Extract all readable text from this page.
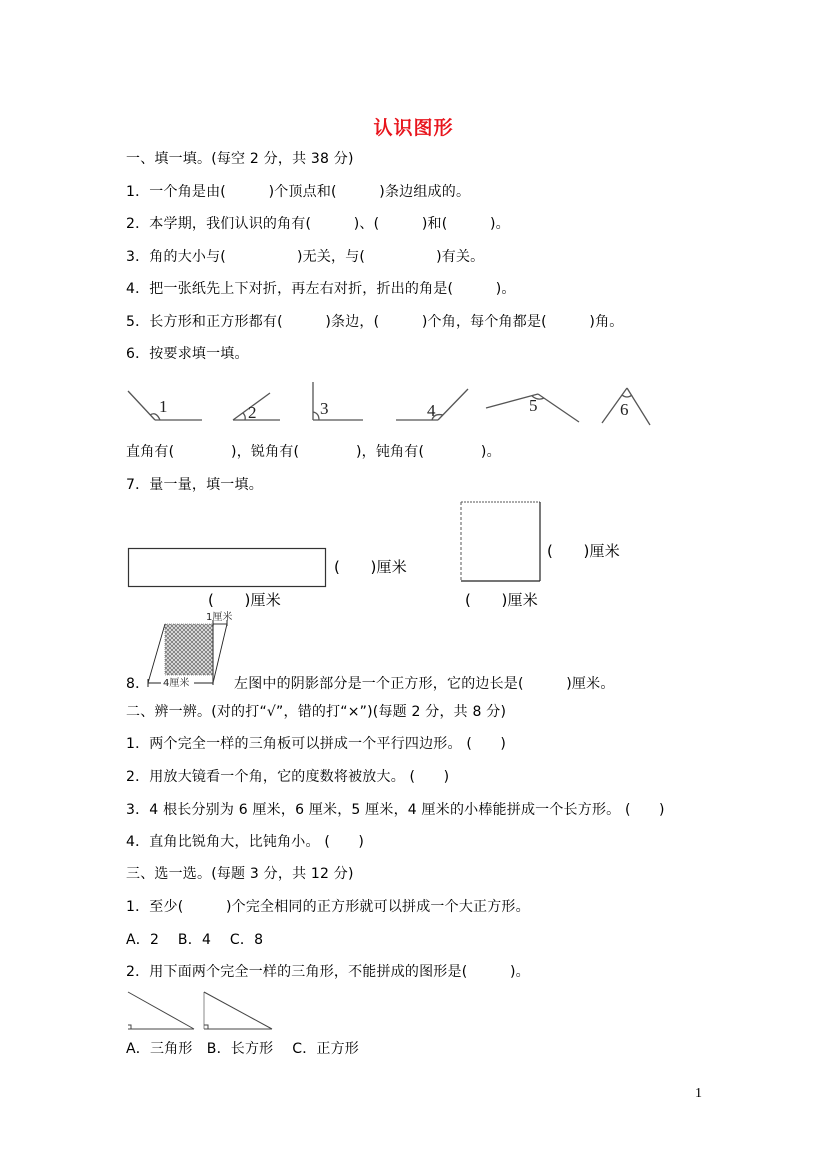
认识图形
一、填一填。(每空 2 分，共 38 分)
1．一个角是由(　　　)个顶点和(　　　)条边组成的。
2．本学期，我们认识的角有(　　　)、(　　　)和(　　　)。
3．角的大小与(　　　　　)无关，与(　　　　　)有关。
4．把一张纸先上下对折，再左右对折，折出的角是(　　　)。
5．长方形和正方形都有(　　　)条边，(　　　)个角，每个角都是(　　　)角。
6．按要求填一填。
1	2	3	4	5	6
直角有(　　　　)，锐角有(　　　　)，钝角有(　　　　)。
7．量一量，填一填。
(　　)厘米
(　　)厘米
(　　)厘米
(　　)厘米
1厘米
4厘米
8．	左图中的阴影部分是一个正方形，它的边长是(　　　)厘米。
二、辨一辨。(对的打“√”，错的打“×”)(每题 2 分，共 8 分)
1．两个完全一样的三角板可以拼成一个平行四边形。 (　　)
2．用放大镜看一个角，它的度数将被放大。 (　　)
3．4 根长分别为 6 厘米，6 厘米，5 厘米，4 厘米的小棒能拼成一个长方形。 (　　)
4．直角比锐角大，比钝角小。 (　　)
三、选一选。(每题 3 分，共 12 分)
1．至少(　　　)个完全相同的正方形就可以拼成一个大正方形。
A．2　 B．4　 C．8
2．用下面两个完全一样的三角形，不能拼成的图形是(　　　)。
A．三角形　B．长方形　 C．正方形
1
